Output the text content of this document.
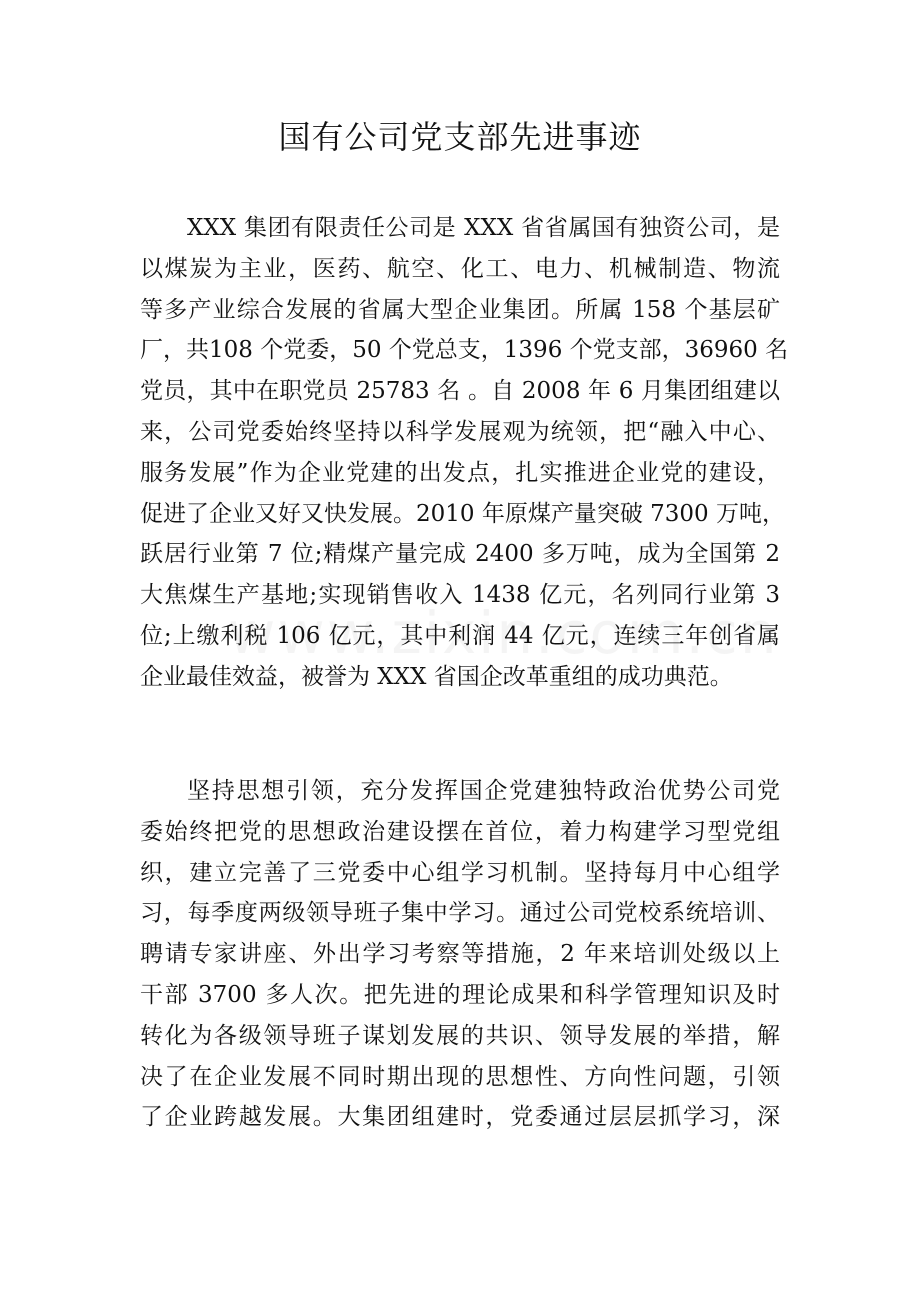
国有公司党支部先进事迹
XXX 集团有限责任公司是 XXX 省省属国有独资公司，是
以煤炭为主业，医药、航空、化工、电力、机械制造、物流
等多产业综合发展的省属大型企业集团。所属 158 个基层矿
厂，共108 个党委，50 个党总支，1396 个党支部，36960 名
党员，其中在职党员 25783 名 。自 2008 年 6 月集团组建以
来，公司党委始终坚持以科学发展观为统领，把“融入中心、
服务发展”作为企业党建的出发点，扎实推进企业党的建设，
促进了企业又好又快发展。2010 年原煤产量突破 7300 万吨，
跃居行业第 7 位;精煤产量完成 2400 多万吨，成为全国第 2
大焦煤生产基地;实现销售收入 1438 亿元，名列同行业第 3
位;上缴利税 106 亿元，其中利润 44 亿元，连续三年创省属
企业最佳效益，被誉为 XXX 省国企改革重组的成功典范。
坚持思想引领，充分发挥国企党建独特政治优势公司党
委始终把党的思想政治建设摆在首位，着力构建学习型党组
织，建立完善了三党委中心组学习机制。坚持每月中心组学
习，每季度两级领导班子集中学习。通过公司党校系统培训、
聘请专家讲座、外出学习考察等措施，2 年来培训处级以上
干部 3700 多人次。把先进的理论成果和科学管理知识及时
转化为各级领导班子谋划发展的共识、领导发展的举措，解
决了在企业发展不同时期出现的思想性、方向性问题，引领
了企业跨越发展。大集团组建时，党委通过层层抓学习，深
